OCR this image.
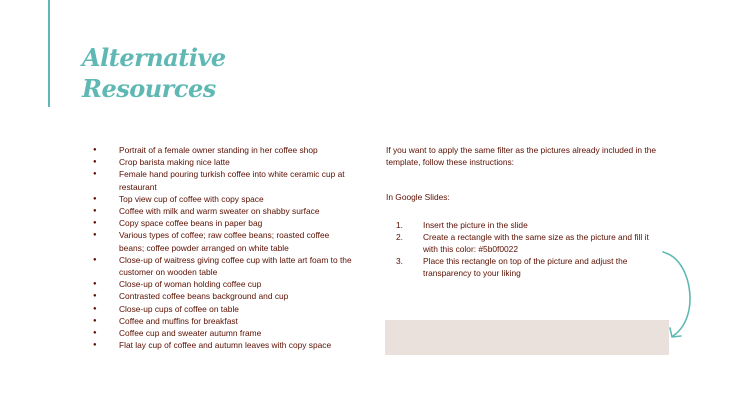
Alternative
Resources
● Portrait of a female owner standing in her coffee shop
● Crop barista making nice latte
● Female hand pouring turkish coffee into white ceramic cup at restaurant
● Top view cup of coffee with copy space
● Coffee with milk and warm sweater on shabby surface
● Copy space coffee beans in paper bag
● Various types of coffee; raw coffee beans; roasted coffee beans; coffee powder arranged on white table
● Close-up of waitress giving coffee cup with latte art foam to the customer on wooden table
● Close-up of woman holding coffee cup
● Contrasted coffee beans background and cup
● Close-up cups of coffee on table
● Coffee and muffins for breakfast
● Coffee cup and sweater autumn frame
● Flat lay cup of coffee and autumn leaves with copy space

If you want to apply the same filter as the pictures already included in the template, follow these instructions:

In Google Slides:

1. Insert the picture in the slide
2. Create a rectangle with the same size as the picture and fill it with this color: #5b0f0022
3. Place this rectangle on top of the picture and adjust the transparency to your liking
